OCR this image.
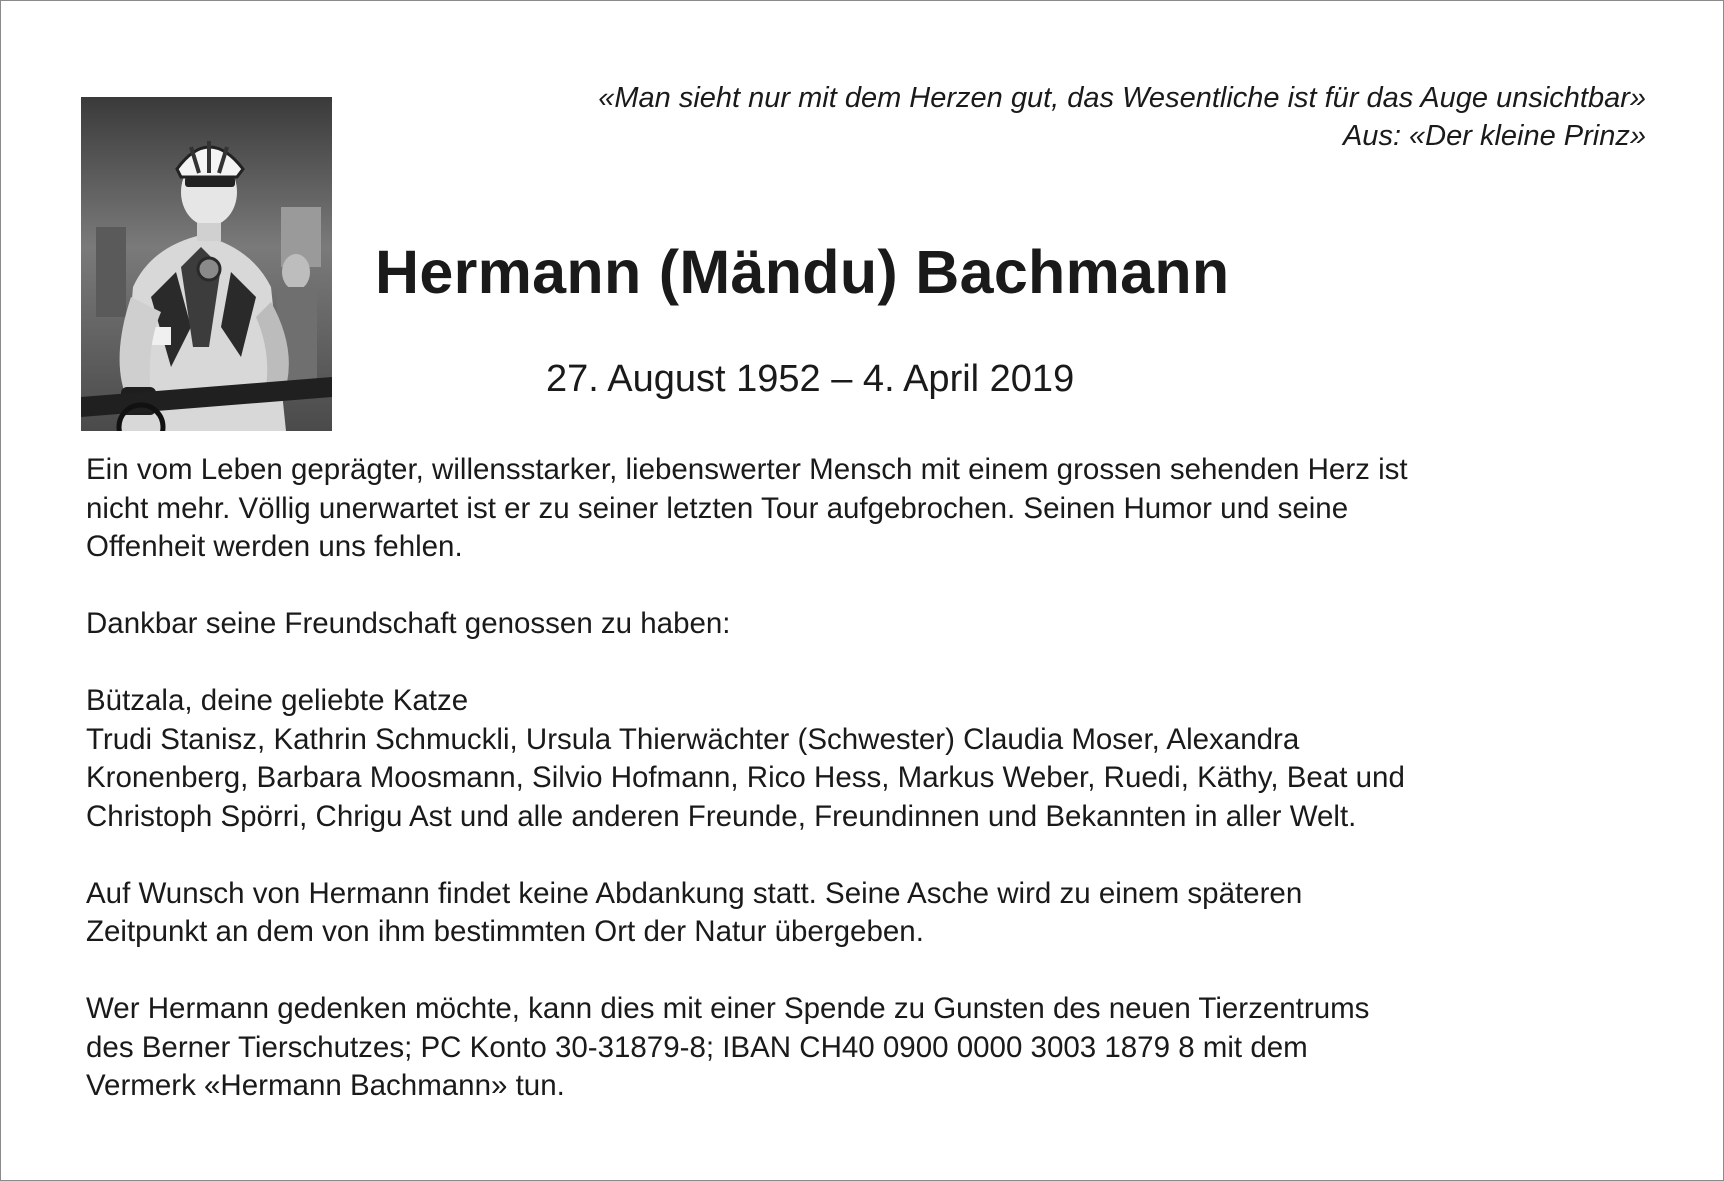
«Man sieht nur mit dem Herzen gut, das Wesentliche ist für das Auge unsichtbar»
Aus: «Der kleine Prinz»
Hermann (Mändu) Bachmann
27. August 1952 – 4. April 2019

Ein vom Leben geprägter, willensstarker, liebenswerter Mensch mit einem grossen sehenden Herz ist
nicht mehr. Völlig unerwartet ist er zu seiner letzten Tour aufgebrochen. Seinen Humor und seine
Offenheit werden uns fehlen.

Dankbar seine Freundschaft genossen zu haben:

Bützala, deine geliebte Katze
Trudi Stanisz, Kathrin Schmuckli, Ursula Thierwächter (Schwester) Claudia Moser, Alexandra
Kronenberg, Barbara Moosmann, Silvio Hofmann, Rico Hess, Markus Weber, Ruedi, Käthy, Beat und
Christoph Spörri, Chrigu Ast und alle anderen Freunde, Freundinnen und Bekannten in aller Welt.

Auf Wunsch von Hermann findet keine Abdankung statt. Seine Asche wird zu einem späteren
Zeitpunkt an dem von ihm bestimmten Ort der Natur übergeben.

Wer Hermann gedenken möchte, kann dies mit einer Spende zu Gunsten des neuen Tierzentrums
des Berner Tierschutzes; PC Konto 30-31879-8; IBAN CH40 0900 0000 3003 1879 8 mit dem
Vermerk «Hermann Bachmann» tun.
